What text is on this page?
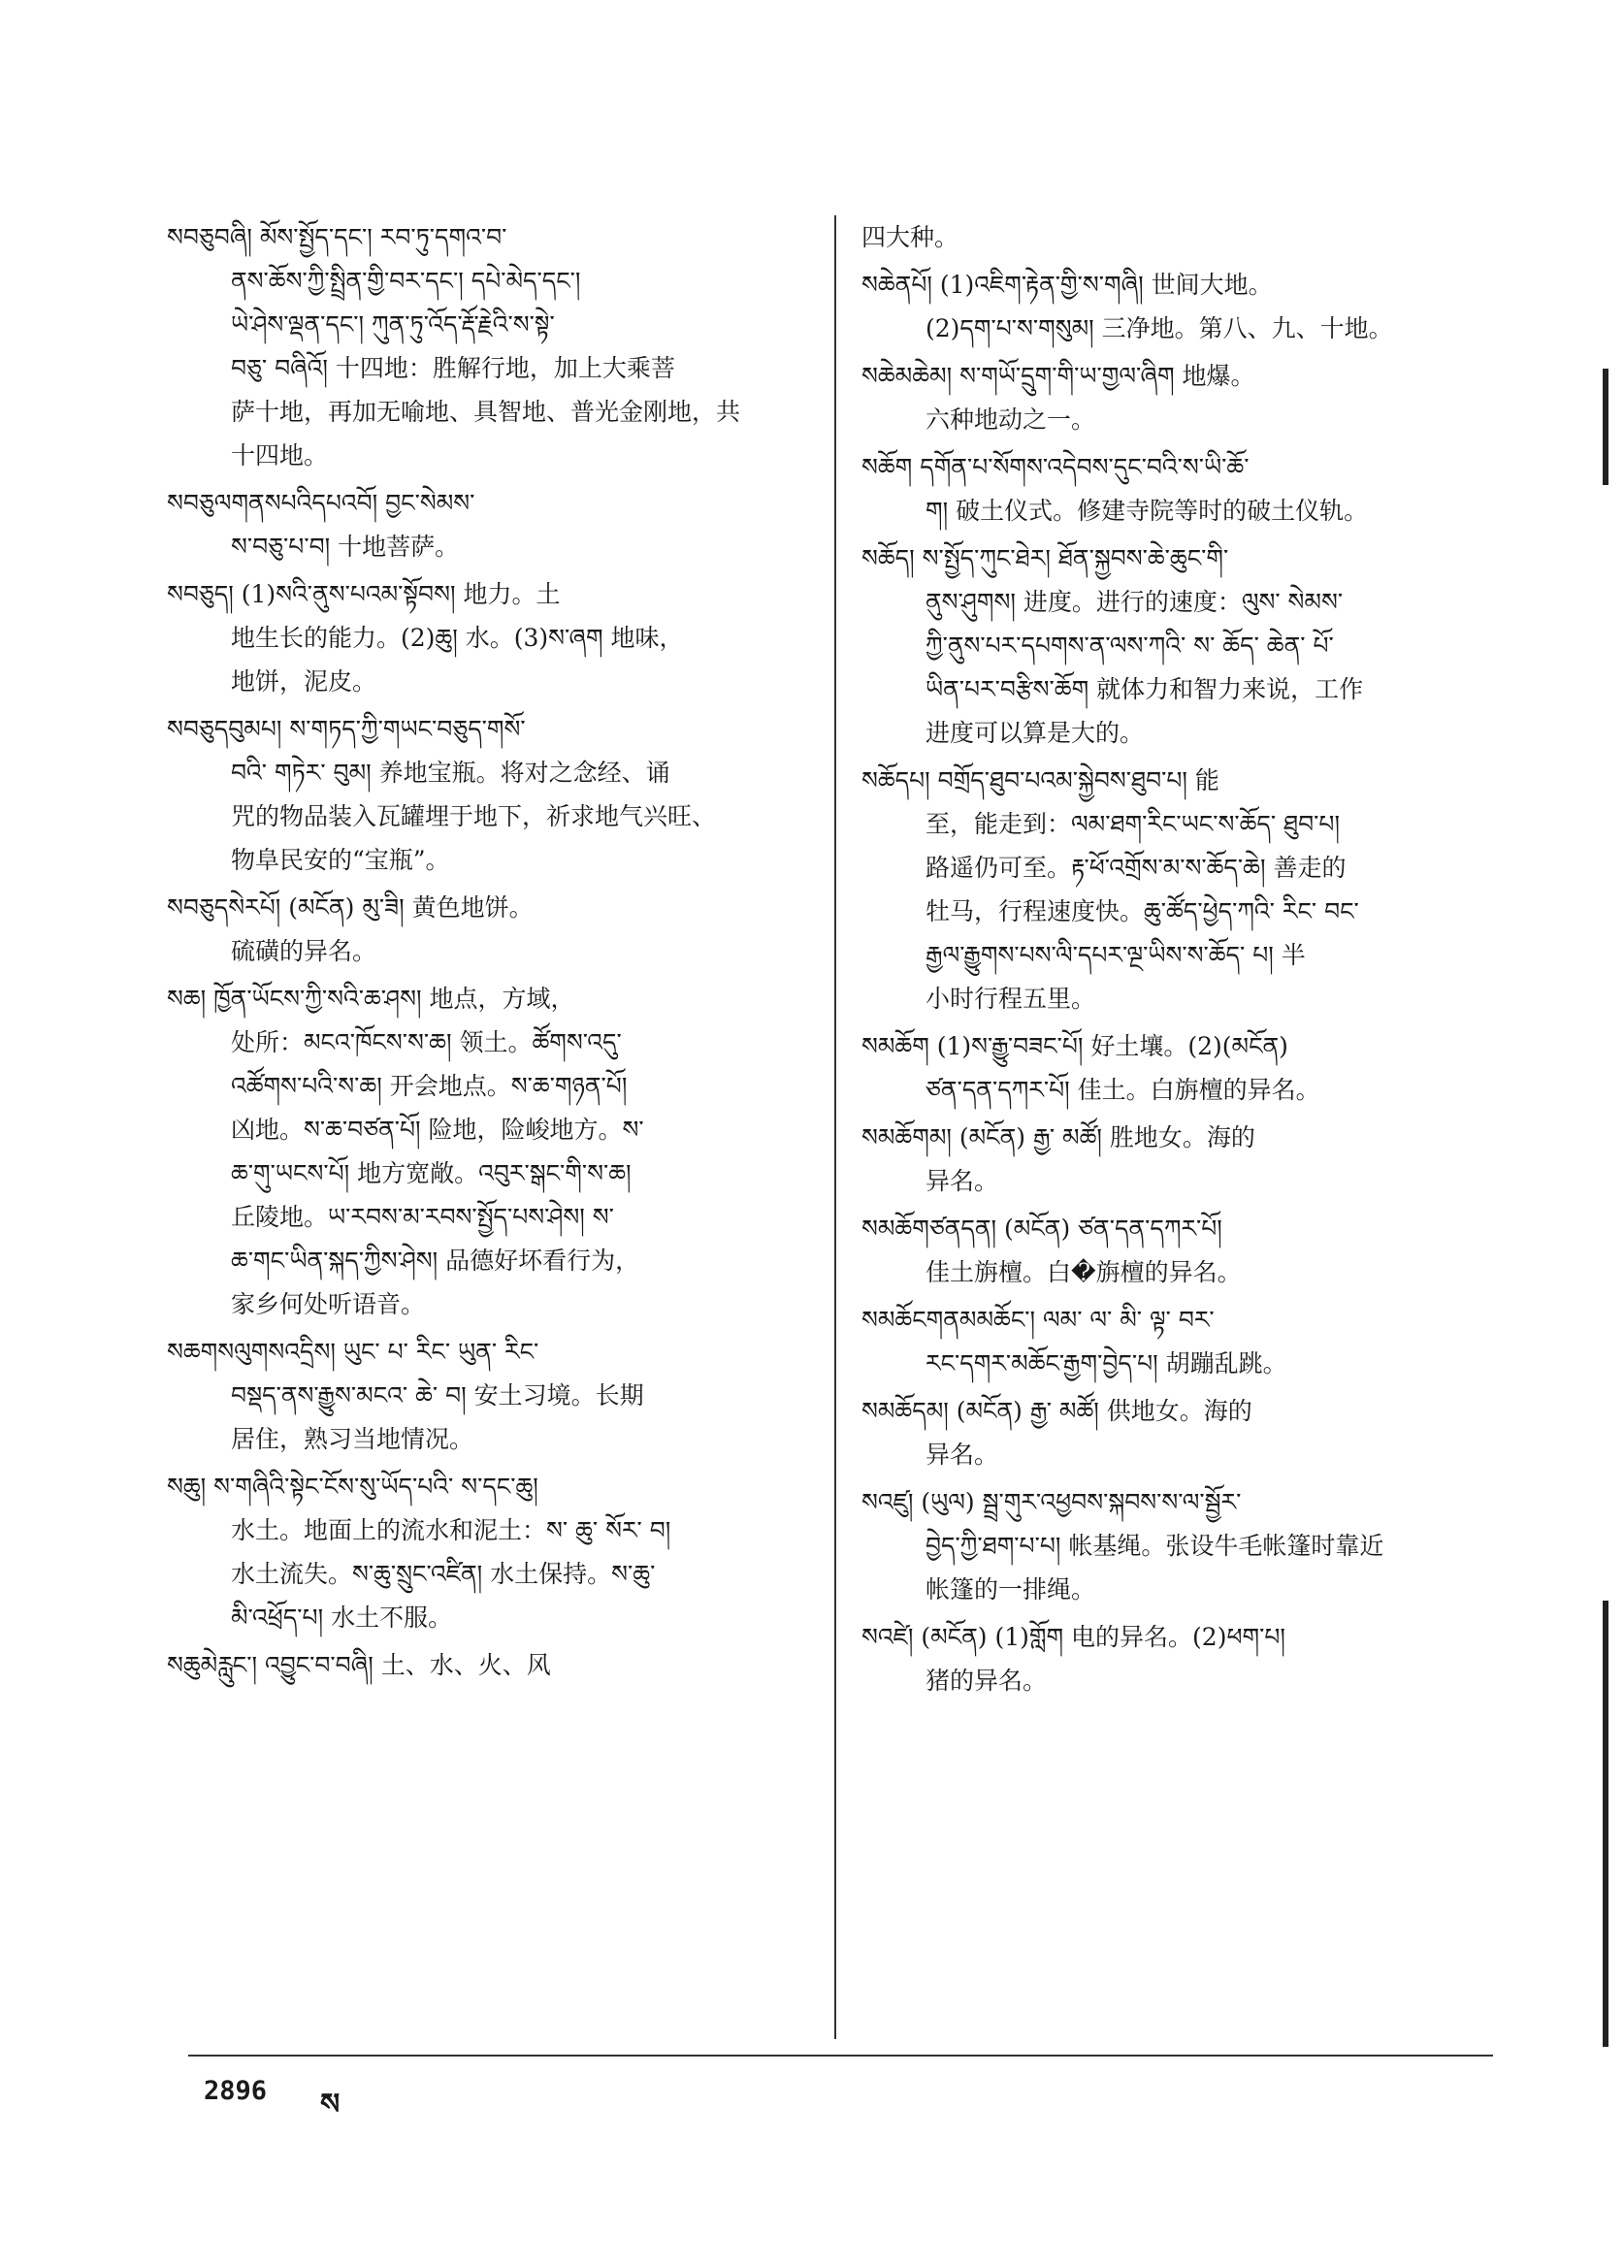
སབཅུབཞི། མོས་སྤྱོད་དང་། རབ་ཏུ་དགའ་བ་

ནས་ཆོས་ཀྱི་སྤྲིན་གྱི་བར་དང་། དཔེ་མེད་དང་།

ཡེ་ཤེས་ལྡན་དང་། ཀུན་ཏུ་འོད་རྡོ་རྗེའི་ས་སྟེ་

བཅུ་ བཞིའོ། 十四地：胜解行地，加上大乘菩

萨十地，再加无喻地、具智地、普光金刚地，共

十四地。

སབཅུལགནསཔའིདཔའབོ། བྱང་སེམས་

ས་བཅུ་པ་བ། 十地菩萨。

སབཅུད། (1)སའི་ནུས་པའམ་སྟོབས། 地力。土

地生长的能力。(2)ཆུ། 水。(3)ས་ཞག 地味，

地饼，泥皮。

སབཅུདབུམཔ། ས་གཏད་ཀྱི་གཡང་བཅུད་གསོ་

བའི་ གཏེར་ བུམ། 养地宝瓶。将对之念经、诵

咒的物品装入瓦罐埋于地下，祈求地气兴旺、

物阜民安的“宝瓶”。

སབཅུདསེརཔོ། (མངོན) མུ་ཟི། 黄色地饼。

硫磺的异名。

སཆ། ཁྱོན་ཡོངས་ཀྱི་སའི་ཆ་ཤས། 地点，方域，

处所：མངའ་ཁོངས་ས་ཆ། 领土。ཚོགས་འདུ་

འཚོགས་པའི་ས་ཆ། 开会地点。ས་ཆ་གཉན་པོ།

凶地。ས་ཆ་བཙན་པོ། 险地，险峻地方。ས་

ཆ་གུ་ཡངས་པོ། 地方宽敞。འབུར་སྒང་གི་ས་ཆ།

丘陵地。ཡ་རབས་མ་རབས་སྤྱོད་པས་ཤེས། ས་

ཆ་གང་ཡིན་སྐད་ཀྱིས་ཤེས། 品德好坏看行为，

家乡何处听语音。

སཆགསལུགསའདྲིས། ཡུང་ པ་ རིང་ ཡུན་ རིང་

བསྡད་ནས་རྒྱུས་མངའ་ ཆེ་ བ། 安土习境。长期

居住，熟习当地情况。

སཆུ། ས་གཞིའི་སྟེང་ངོས་སུ་ཡོད་པའི་ ས་དང་ཆུ།

水土。地面上的流水和泥土：ས་ ཆུ་ སོར་ བ།

水土流失。ས་ཆུ་སྲུང་འཛིན། 水土保持。ས་ཆུ་

མི་འཕྲོད་པ། 水土不服。

སཆུམེརླུང་། འབྱུང་བ་བཞི། 土、水、火、风

四大种。

སཆེནཔོ། (1)འཇིག་རྟེན་གྱི་ས་གཞི། 世间大地。

(2)དག་པ་ས་གསུམ། 三净地。第八、九、十地。

སཆེམཆེམ། ས་གཡོ་དྲུག་གི་ཡ་གྱལ་ཞིག 地爆。

六种地动之一。

སཆོག དགོན་པ་སོགས་འདེབས་དུང་བའི་ས་ཡི་ཆོ་

ག། 破土仪式。修建寺院等时的破土仪轨。

སཆོད། ས་སྤྱོད་ཀུང་ཐེར། ཐོན་སྐྱབས་ཆེ་ཆུང་གི་

ནུས་ཤུགས། 进度。进行的速度：ལུས་ སེམས་

ཀྱི་ནུས་པར་དཔགས་ན་ལས་ཀའི་ ས་ ཆོད་ ཆེན་ པོ་

ཡིན་པར་བརྩིས་ཆོག 就体力和智力来说，工作

进度可以算是大的。

སཆོདཔ། བགྲོད་ཐུབ་པའམ་སྐྱེབས་ཐུབ་པ། 能

至，能走到：ལམ་ཐག་རིང་ཡང་ས་ཆོད་ ཐུབ་པ།

路遥仍可至。རྟ་ཕོ་འགྲོས་མ་ས་ཆོད་ཆེ། 善走的

牡马，行程速度快。ཆུ་ཚོད་ཕྱེད་ཀའི་ རིང་ བང་

རྒྱལ་རྒྱུགས་པས་ལི་དཔར་ལྔ་ཡིས་ས་ཆོད་ པ། 半

小时行程五里。

སམཆོག (1)ས་རྒྱུ་བཟང་པོ། 好土壤。(2)(མངོན)

ཙན་དན་དཀར་པོ། 佳土。白旃檀的异名。

སམཆོགམ། (མངོན) རྒྱ་ མཚོ། 胜地女。海的

异名。

སམཆོགཙནདན། (མངོན) ཙན་དན་དཀར་པོ།

佳土旃檀。白�旃檀的异名。

སམཆོངགནམམཆོང་། ལམ་ ལ་ མི་ ལྟ་ བར་

རང་དགར་མཆོང་རྒྱག་བྱེད་པ། 胡蹦乱跳。

སམཆོདམ། (མངོན) རྒྱ་ མཚོ། 供地女。海的

异名。

སའཛུ། (ཡུལ) སྦྲ་གུར་འཕྱབས་སྐབས་ས་ལ་སྦྱོར་

བྱེད་ཀྱི་ཐག་པ་པ། 帐基绳。张设牛毛帐篷时靠近

帐篷的一排绳。

སའཛེ། (མངོན) (1)གློག 电的异名。(2)ཕག་པ།

猪的异名。

2896 ས
